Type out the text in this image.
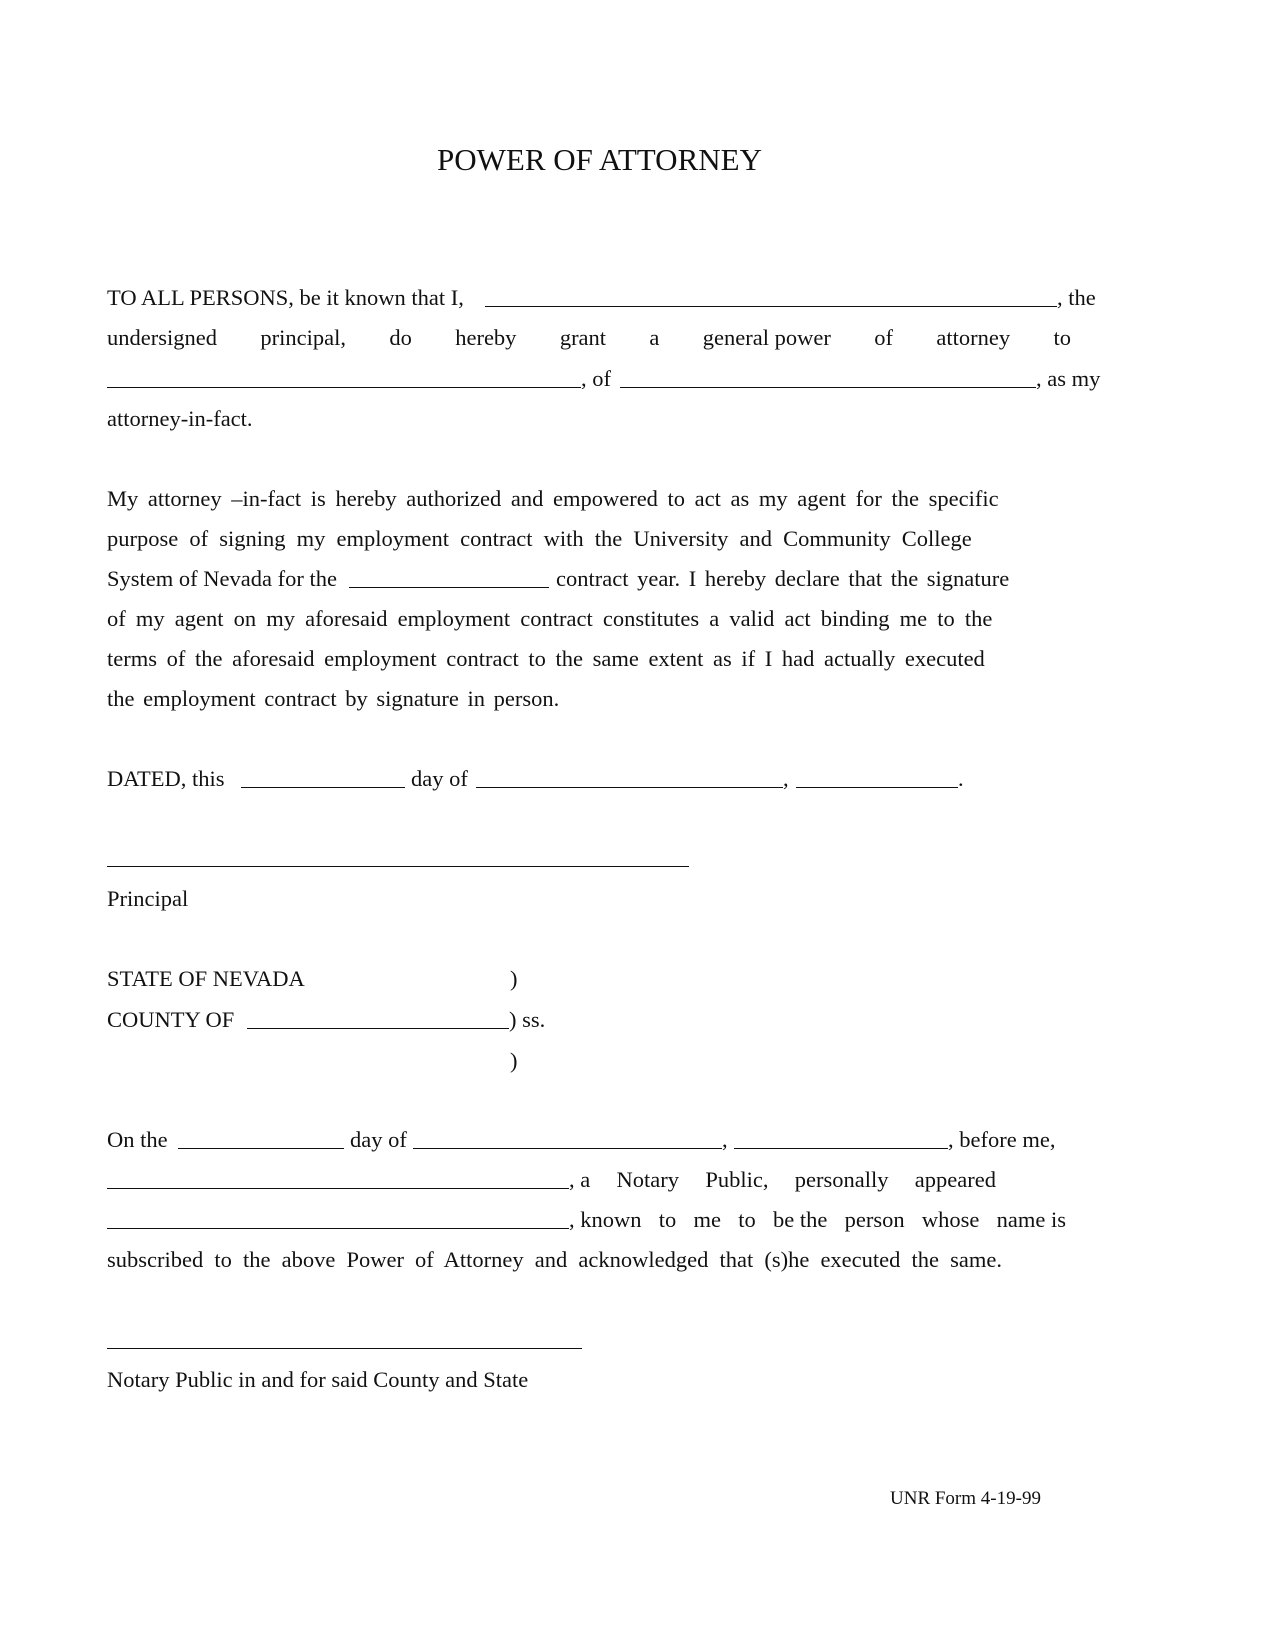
POWER OF ATTORNEY
TO ALL PERSONS, be it known that I,	, the
undersigned principal, do hereby grant a general power of attorney to
, of	, as my
attorney-in-fact.
My attorney –in-fact is hereby authorized and empowered to act as my agent for the specific
purpose of signing my employment contract with the University and Community College
System of Nevada for the	contract year. I hereby declare that the signature
of my agent on my aforesaid employment contract constitutes a valid act binding me to the
terms of the aforesaid employment contract to the same extent as if I had actually executed
the employment contract by signature in person.
DATED, this	day of	,	.
Principal
STATE OF NEVADA	)
COUNTY OF	) ss.
)
On the	day of	,	, before me,
, a Notary Public, personally appeared
, known to me to be the person whose name is
subscribed to the above Power of Attorney and acknowledged that (s)he executed the same.
Notary Public in and for said County and State
UNR Form 4-19-99
